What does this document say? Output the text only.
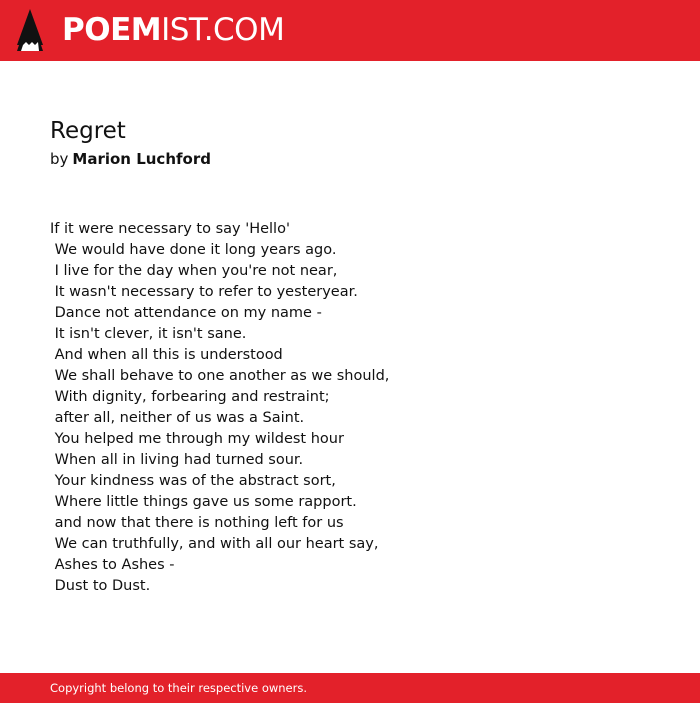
POEMIST.COM
Regret
by Marion Luchford
If it were necessary to say 'Hello'
We would have done it long years ago.
I live for the day when you're not near,
It wasn't necessary to refer to yesteryear.
Dance not attendance on my name -
It isn't clever, it isn't sane.
And when all this is understood
We shall behave to one another as we should,
With dignity, forbearing and restraint;
after all, neither of us was a Saint.
You helped me through my wildest hour
When all in living had turned sour.
Your kindness was of the abstract sort,
Where little things gave us some rapport.
and now that there is nothing left for us
We can truthfully, and with all our heart say,
Ashes to Ashes -
Dust to Dust.
Copyright belong to their respective owners.
